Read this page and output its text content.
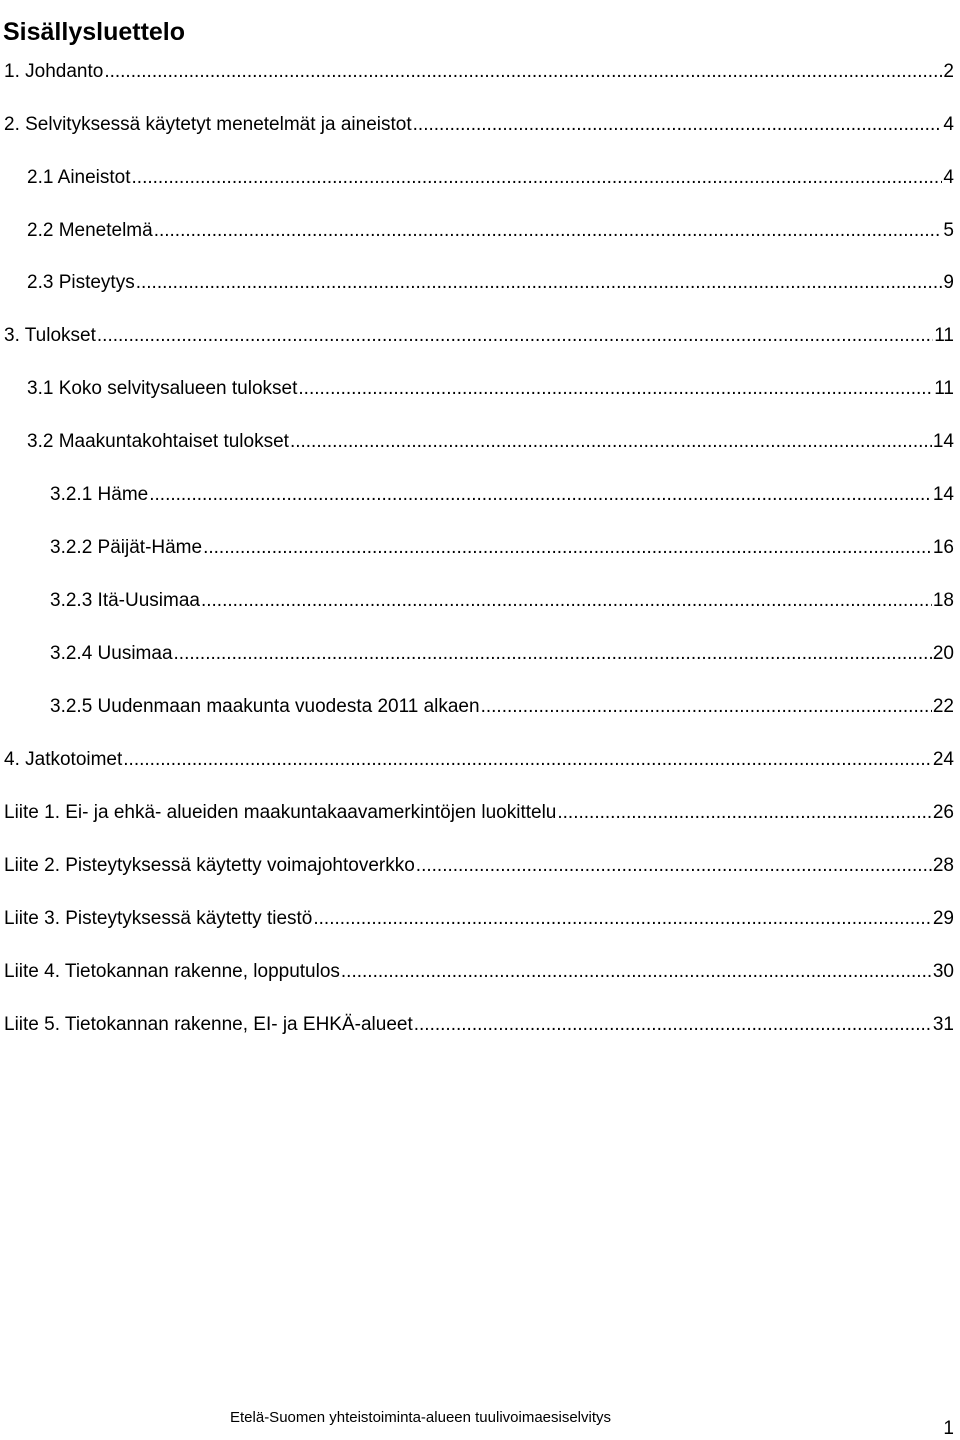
Sisällysluettelo
1. Johdanto .....	2
2. Selvityksessä käytetyt menetelmät ja aineistot .....	4
2.1 Aineistot .....	4
2.2 Menetelmä .....	5
2.3 Pisteytys .....	9
3. Tulokset .....	11
3.1 Koko selvitysalueen tulokset .....	11
3.2 Maakuntakohtaiset tulokset .....	14
3.2.1 Häme .....	14
3.2.2 Päijät-Häme .....	16
3.2.3 Itä-Uusimaa .....	18
3.2.4 Uusimaa .....	20
3.2.5 Uudenmaan maakunta vuodesta 2011 alkaen .....	22
4. Jatkotoimet .....	24
Liite 1. Ei- ja ehkä- alueiden maakuntakaavamerkintöjen luokittelu .....	26
Liite 2. Pisteytyksessä käytetty voimajohtoverkko .....	28
Liite 3. Pisteytyksessä käytetty tiestö .....	29
Liite 4. Tietokannan rakenne, lopputulos .....	30
Liite 5. Tietokannan rakenne, EI- ja EHKÄ-alueet .....	31
Etelä-Suomen yhteistoiminta-alueen tuulivoimaesiselvitys
1
